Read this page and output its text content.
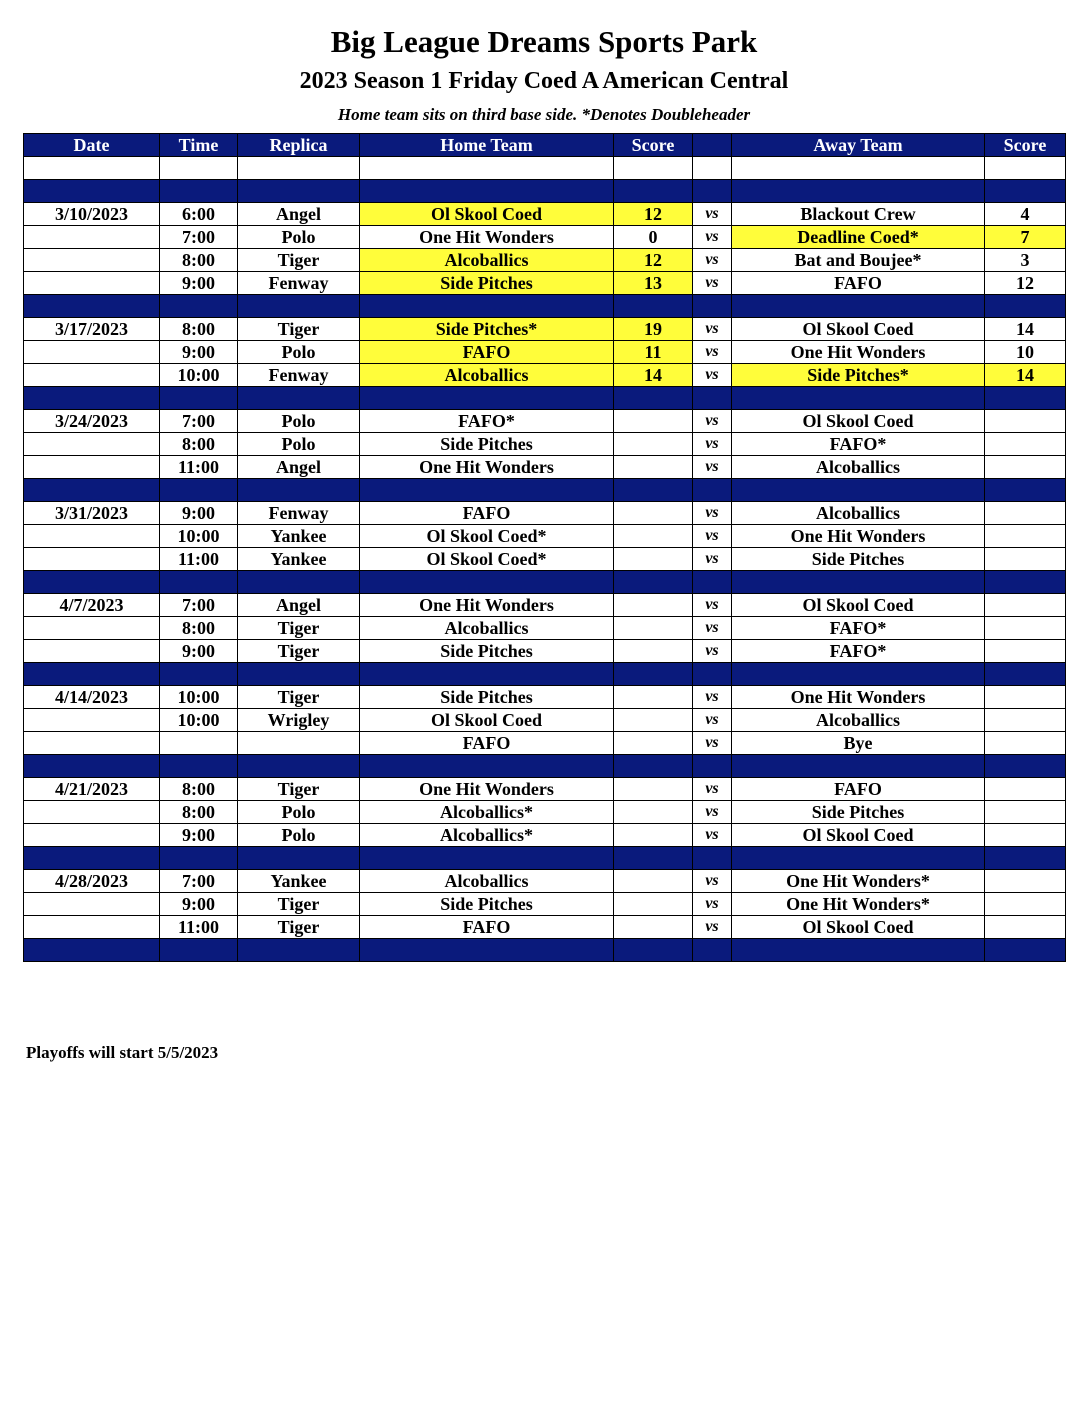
Big League Dreams Sports Park
2023 Season 1 Friday Coed A American Central
Home team sits on third base side. *Denotes Doubleheader
Date	Time	Replica	Home Team	Score		Away Team	Score

3/10/2023	6:00	Angel	Ol Skool Coed	12	vs	Blackout Crew	4
	7:00	Polo	One Hit Wonders	0	vs	Deadline Coed*	7
	8:00	Tiger	Alcoballics	12	vs	Bat and Boujee*	3
	9:00	Fenway	Side Pitches	13	vs	FAFO	12

3/17/2023	8:00	Tiger	Side Pitches*	19	vs	Ol Skool Coed	14
	9:00	Polo	FAFO	11	vs	One Hit Wonders	10
	10:00	Fenway	Alcoballics	14	vs	Side Pitches*	14

3/24/2023	7:00	Polo	FAFO*		vs	Ol Skool Coed	
	8:00	Polo	Side Pitches		vs	FAFO*	
	11:00	Angel	One Hit Wonders		vs	Alcoballics	

3/31/2023	9:00	Fenway	FAFO		vs	Alcoballics	
	10:00	Yankee	Ol Skool Coed*		vs	One Hit Wonders	
	11:00	Yankee	Ol Skool Coed*		vs	Side Pitches	

4/7/2023	7:00	Angel	One Hit Wonders		vs	Ol Skool Coed	
	8:00	Tiger	Alcoballics		vs	FAFO*	
	9:00	Tiger	Side Pitches		vs	FAFO*	

4/14/2023	10:00	Tiger	Side Pitches		vs	One Hit Wonders	
	10:00	Wrigley	Ol Skool Coed		vs	Alcoballics	
			FAFO		vs	Bye	

4/21/2023	8:00	Tiger	One Hit Wonders		vs	FAFO	
	8:00	Polo	Alcoballics*		vs	Side Pitches	
	9:00	Polo	Alcoballics*		vs	Ol Skool Coed	

4/28/2023	7:00	Yankee	Alcoballics		vs	One Hit Wonders*	
	9:00	Tiger	Side Pitches		vs	One Hit Wonders*	
	11:00	Tiger	FAFO		vs	Ol Skool Coed	

Playoffs will start 5/5/2023
